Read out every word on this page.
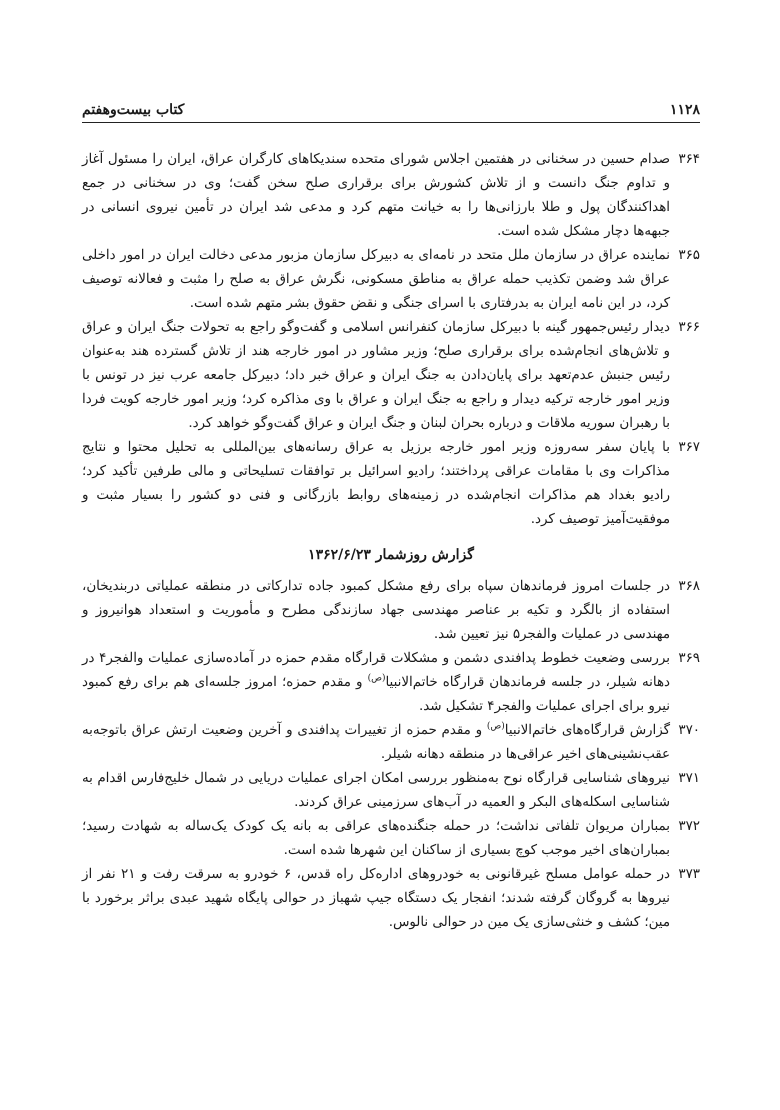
۱۱۲۸
کتاب بیست‌وهفتم
۳۶۴
صدام حسین در سخنانی در هفتمین اجلاس شورای متحده سندیکاهای کارگران عراق، ایران را مسئول آغاز و تداوم جنگ دانست و از تلاش کشورش برای برقراری صلح سخن گفت؛ وی در سخنانی در جمع اهداکنندگان پول و طلا بارزانی‌ها را به خیانت متهم کرد و مدعی شد ایران در تأمین نیروی انسانی در جبهه‌ها دچار مشکل شده است.
۳۶۵
نماینده عراق در سازمان ملل متحد در نامه‌ای به دبیرکل سازمان مزبور مدعی دخالت ایران در امور داخلی عراق شد وضمن تکذیب حمله عراق به مناطق مسکونی، نگرش عراق به صلح را مثبت و فعالانه توصیف کرد، در این نامه ایران به بدرفتاری با اسرای جنگی و نقض حقوق بشر متهم شده است.
۳۶۶
دیدار رئیس‌جمهور گینه با دبیرکل سازمان کنفرانس اسلامی و گفت‌وگو راجع به تحولات جنگ ایران و عراق و تلاش‌های انجام‌شده برای برقراری صلح؛ وزیر مشاور در امور خارجه هند از تلاش گسترده هند به‌عنوان رئیس جنبش عدم‌تعهد برای پایان‌دادن به جنگ ایران و عراق خبر داد؛ دبیرکل جامعه عرب نیز در تونس با وزیر امور خارجه ترکیه دیدار و راجع به جنگ ایران و عراق با وی مذاکره کرد؛ وزیر امور خارجه کویت فردا با رهبران سوریه ملاقات و درباره بحران لبنان و جنگ ایران و عراق گفت‌وگو خواهد کرد.
۳۶۷
با پایان سفر سه‌روزه وزیر امور خارجه برزیل به عراق رسانه‌های بین‌المللی به تحلیل محتوا و نتایج مذاکرات وی با مقامات عراقی پرداختند؛ رادیو اسرائیل بر توافقات تسلیحاتی و مالی طرفین تأکید کرد؛ رادیو بغداد هم مذاکرات انجام‌شده در زمینه‌های روابط بازرگانی و فنی دو کشور را بسیار مثبت و موفقیت‌آمیز توصیف کرد.
گزارش روزشمار ۱۳۶۲/۶/۲۳
۳۶۸
در جلسات امروز فرماندهان سپاه برای رفع مشکل کمبود جاده تدارکاتی در منطقه عملیاتی دربندیخان، استفاده از بالگرد و تکیه بر عناصر مهندسی جهاد سازندگی مطرح و مأموریت و استعداد هوانیروز و مهندسی در عملیات والفجر۵ نیز تعیین شد.
۳۶۹
بررسی وضعیت خطوط پدافندی دشمن و مشکلات قرارگاه مقدم حمزه در آماده‌سازی عملیات والفجر۴ در دهانه شیلر، در جلسه فرماندهان قرارگاه خاتم‌الانبیا$^{(ص)}$ و مقدم حمزه؛ امروز جلسه‌ای هم برای رفع کمبود نیرو برای اجرای عملیات والفجر۴ تشکیل شد.
۳۷۰
گزارش قرارگاه‌های خاتم‌الانبیا$^{(ص)}$ و مقدم حمزه از تغییرات پدافندی و آخرین وضعیت ارتش عراق باتوجه‌به عقب‌نشینی‌های اخیر عراقی‌ها در منطقه دهانه شیلر.
۳۷۱
نیروهای شناسایی قرارگاه نوح به‌منظور بررسی امکان اجرای عملیات دریایی در شمال خلیج‌فارس اقدام به شناسایی اسکله‌های البکر و العمیه در آب‌های سرزمینی عراق کردند.
۳۷۲
بمباران مریوان تلفاتی نداشت؛ در حمله جنگنده‌های عراقی به بانه یک کودک یک‌ساله به شهادت رسید؛ بمباران‌های اخیر موجب کوچ بسیاری از ساکنان این شهرها شده است.
۳۷۳
در حمله عوامل مسلح غیرقانونی به خودروهای اداره‌کل راه قدس، ۶ خودرو به سرقت رفت و ۲۱ نفر از نیروها به گروگان گرفته شدند؛ انفجار یک دستگاه جیپ شهباز در حوالی پایگاه شهید عبدی براثر برخورد با مین؛ کشف و خنثی‌سازی یک مین در حوالی نالوس.
